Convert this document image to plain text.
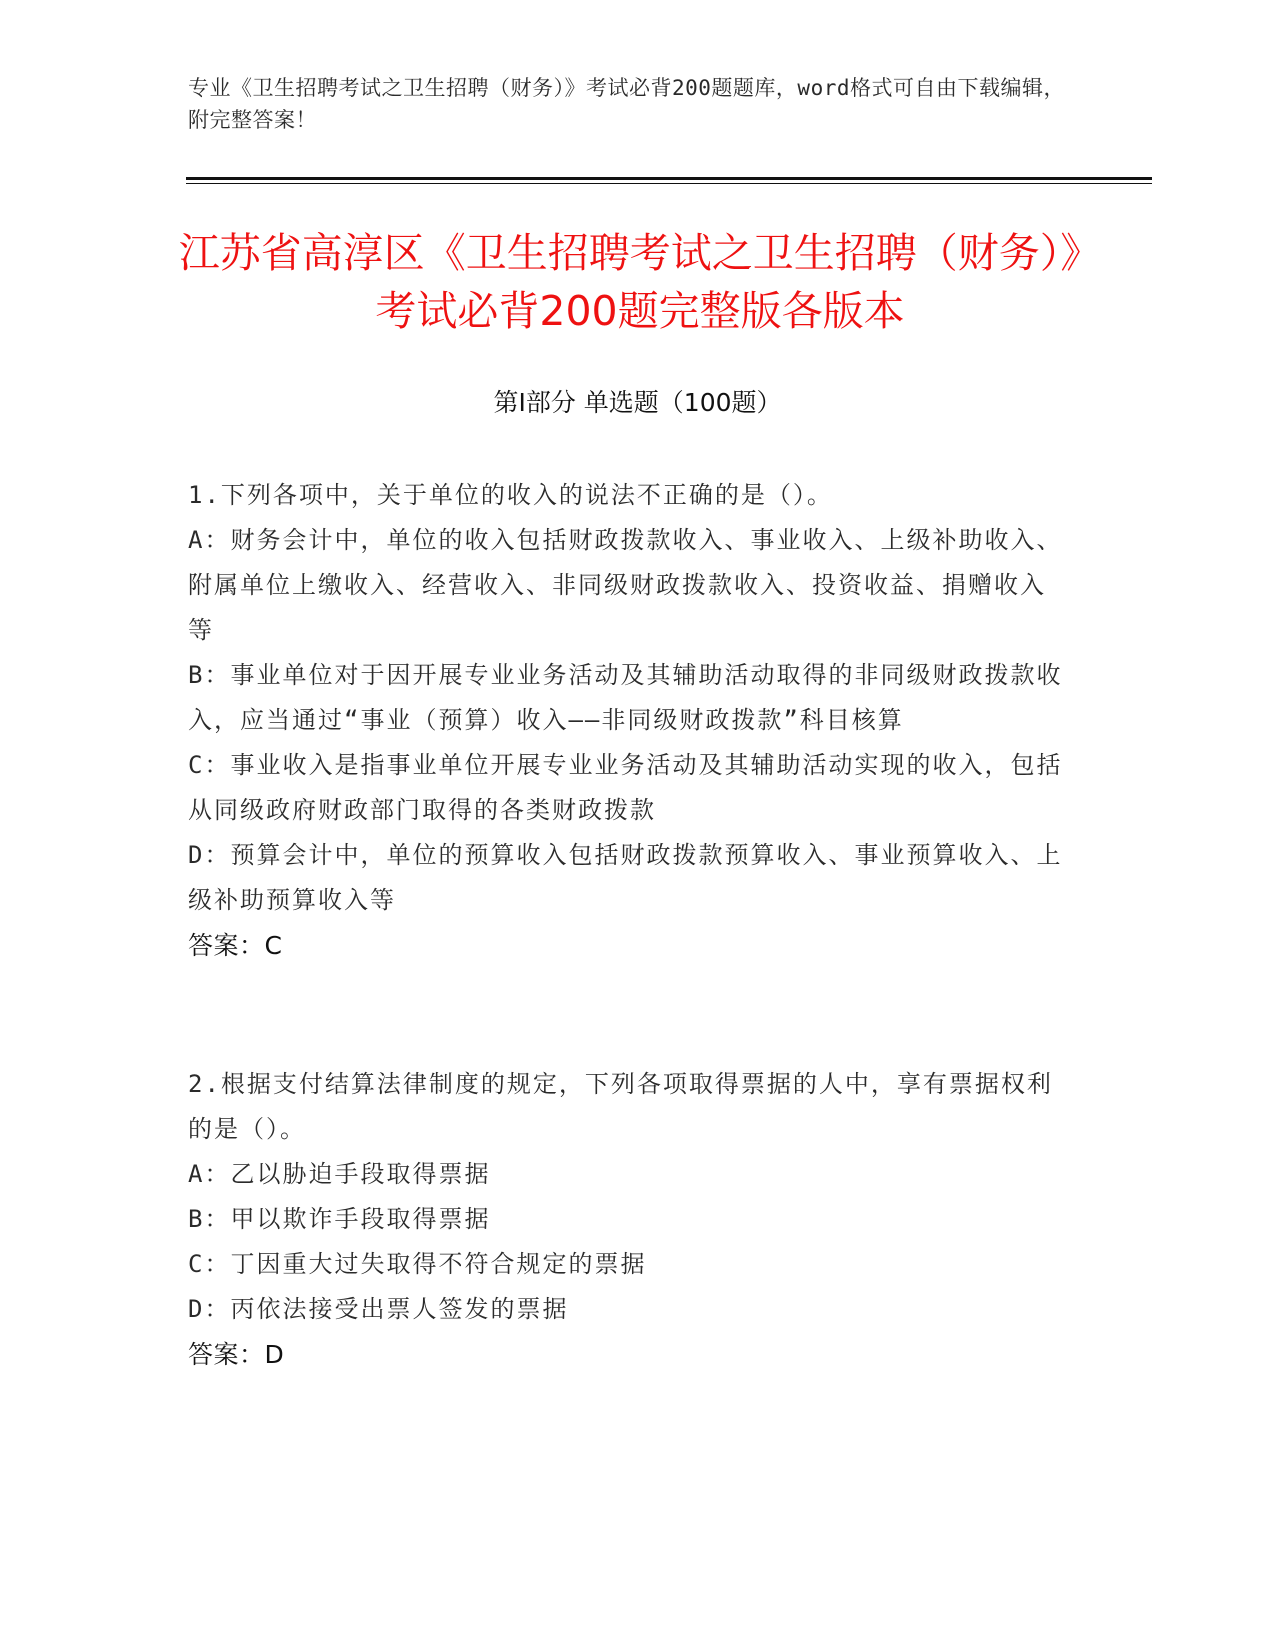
专业《卫生招聘考试之卫生招聘（财务）》考试必背200题题库，word格式可自由下载编辑，附完整答案！
江苏省高淳区《卫生招聘考试之卫生招聘（财务）》考试必背200题完整版各版本
第I部分 单选题（100题）
1.下列各项中，关于单位的收入的说法不正确的是（）。
A：财务会计中，单位的收入包括财政拨款收入、事业收入、上级补助收入、附属单位上缴收入、经营收入、非同级财政拨款收入、投资收益、捐赠收入等
B：事业单位对于因开展专业业务活动及其辅助活动取得的非同级财政拨款收入，应当通过“事业（预算）收入——非同级财政拨款”科目核算
C：事业收入是指事业单位开展专业业务活动及其辅助活动实现的收入，包括从同级政府财政部门取得的各类财政拨款
D：预算会计中，单位的预算收入包括财政拨款预算收入、事业预算收入、上级补助预算收入等
答案：C
2.根据支付结算法律制度的规定，下列各项取得票据的人中，享有票据权利的是（）。
A：乙以胁迫手段取得票据
B：甲以欺诈手段取得票据
C：丁因重大过失取得不符合规定的票据
D：丙依法接受出票人签发的票据
答案：D
